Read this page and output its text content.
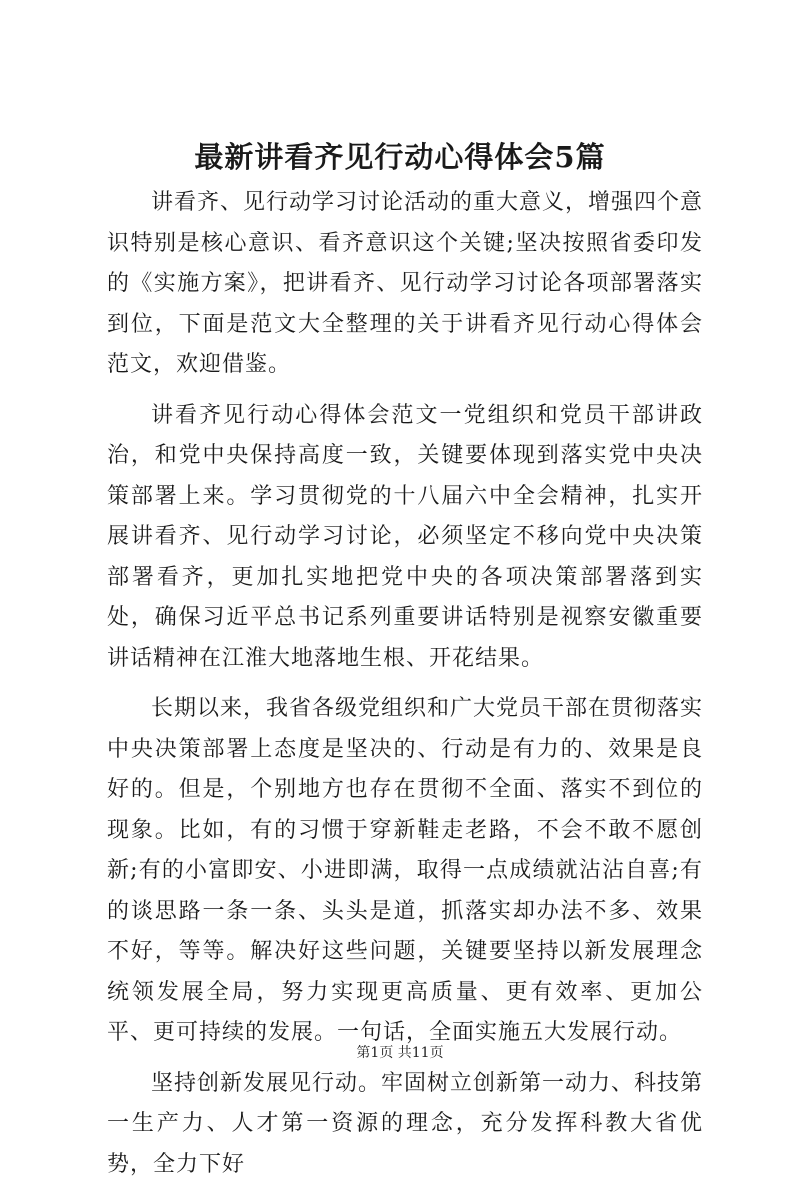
最新讲看齐见行动心得体会5篇

讲看齐、见行动学习讨论活动的重大意义，增强四个意识特别是核心意识、看齐意识这个关键;坚决按照省委印发的《实施方案》，把讲看齐、见行动学习讨论各项部署落实到位，下面是范文大全整理的关于讲看齐见行动心得体会范文，欢迎借鉴。

讲看齐见行动心得体会范文一党组织和党员干部讲政治，和党中央保持高度一致，关键要体现到落实党中央决策部署上来。学习贯彻党的十八届六中全会精神，扎实开展讲看齐、见行动学习讨论，必须坚定不移向党中央决策部署看齐，更加扎实地把党中央的各项决策部署落到实处，确保习近平总书记系列重要讲话特别是视察安徽重要讲话精神在江淮大地落地生根、开花结果。

长期以来，我省各级党组织和广大党员干部在贯彻落实中央决策部署上态度是坚决的、行动是有力的、效果是良好的。但是，个别地方也存在贯彻不全面、落实不到位的现象。比如，有的习惯于穿新鞋走老路，不会不敢不愿创新;有的小富即安、小进即满，取得一点成绩就沾沾自喜;有的谈思路一条一条、头头是道，抓落实却办法不多、效果不好，等等。解决好这些问题，关键要坚持以新发展理念统领发展全局，努力实现更高质量、更有效率、更加公平、更可持续的发展。一句话，全面实施五大发展行动。

坚持创新发展见行动。牢固树立创新第一动力、科技第一生产力、人才第一资源的理念，充分发挥科教大省优势，全力下好

第1页 共11页
